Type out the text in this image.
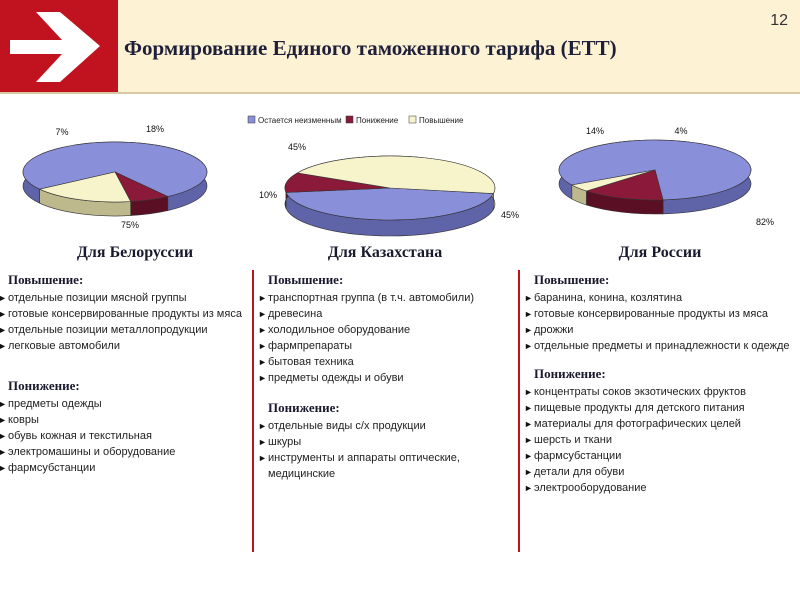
Формирование Единого таможенного тарифа (ЕТТ)
12
Остается неизменным Понижение	Повышение
75%
7%	18%
45%
10%
45%
82%
14%	4%
Для Белоруссии	Для Казахстана	Для России
Повышение:
► отдельные позиции мясной группы
► готовые консервированные продукты из мяса
► отдельные позиции металлопродукции
► легковые автомобили
Понижение:
► предметы одежды
► ковры
► обувь кожная и текстильная
► электромашины и оборудование
► фармсубстанции
Повышение:
► транспортная группа (в т.ч. автомобили)
► древесина
► холодильное оборудование
► фармпрепараты
► бытовая техника
► предметы одежды и обуви
Понижение:
► отдельные виды с/х продукции
► шкуры
► инструменты и аппараты оптические, медицинские
Повышение:
► баранина, конина, козлятина
► готовые консервированные продукты из мяса
► дрожжи
► отдельные предметы и принадлежности к одежде
Понижение:
► концентраты соков экзотических фруктов
► пищевые продукты для детского питания
► материалы для фотографических целей
► шерсть и ткани
► фармсубстанции
► детали для обуви
► электрооборудование
